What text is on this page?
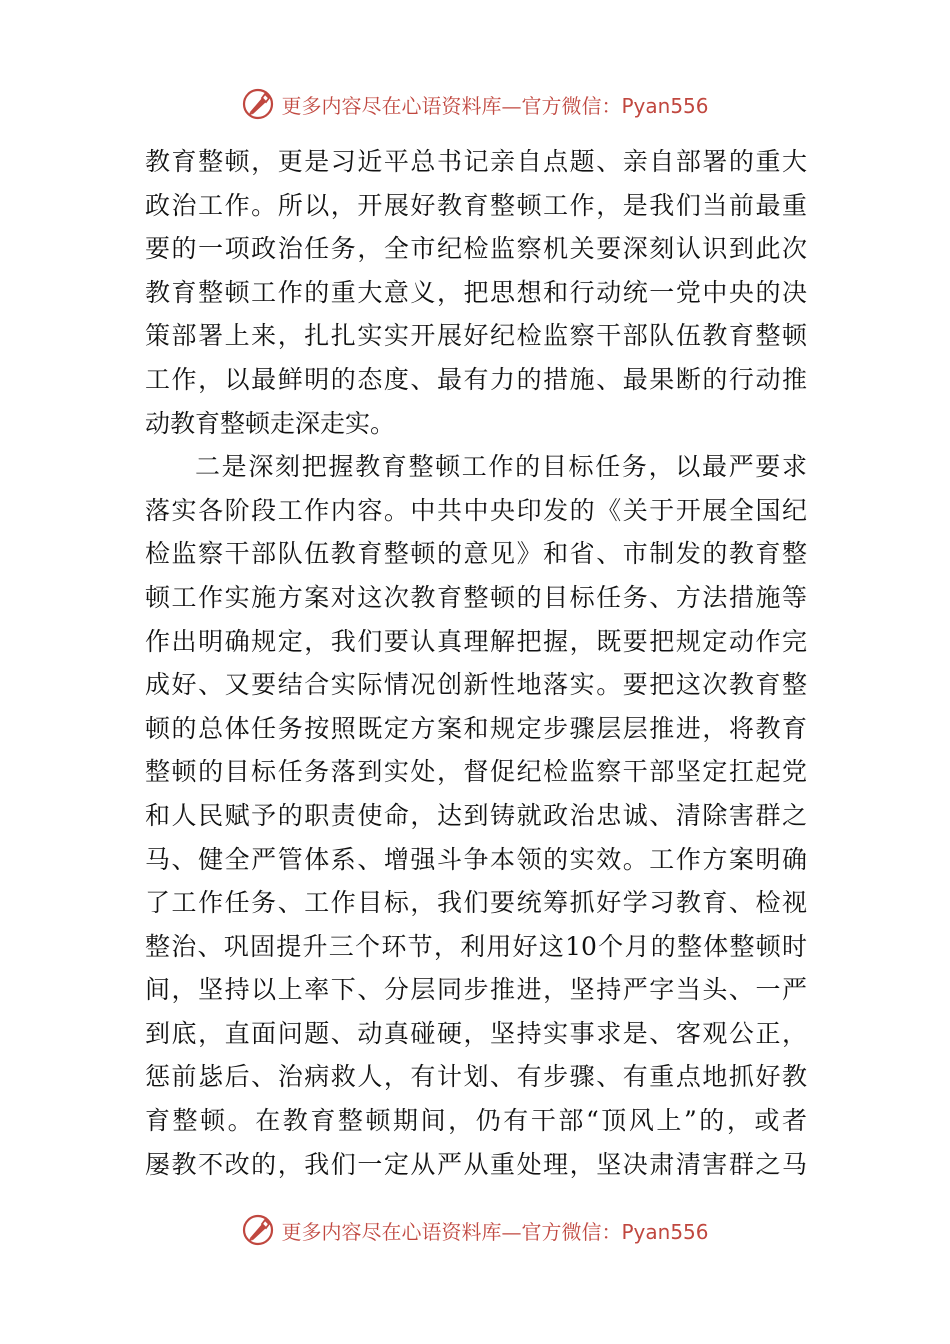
更多内容尽在心语资料库—官方微信：Pyan556
教育整顿，更是习近平总书记亲自点题、亲自部署的重大
政治工作。所以，开展好教育整顿工作，是我们当前最重
要的一项政治任务，全市纪检监察机关要深刻认识到此次
教育整顿工作的重大意义，把思想和行动统一党中央的决
策部署上来，扎扎实实开展好纪检监察干部队伍教育整顿
工作，以最鲜明的态度、最有力的措施、最果断的行动推
动教育整顿走深走实。
二是深刻把握教育整顿工作的目标任务，以最严要求
落实各阶段工作内容。中共中央印发的《关于开展全国纪
检监察干部队伍教育整顿的意见》和省、市制发的教育整
顿工作实施方案对这次教育整顿的目标任务、方法措施等
作出明确规定，我们要认真理解把握，既要把规定动作完
成好、又要结合实际情况创新性地落实。要把这次教育整
顿的总体任务按照既定方案和规定步骤层层推进，将教育
整顿的目标任务落到实处，督促纪检监察干部坚定扛起党
和人民赋予的职责使命，达到铸就政治忠诚、清除害群之
马、健全严管体系、增强斗争本领的实效。工作方案明确
了工作任务、工作目标，我们要统筹抓好学习教育、检视
整治、巩固提升三个环节，利用好这10个月的整体整顿时
间，坚持以上率下、分层同步推进，坚持严字当头、一严
到底，直面问题、动真碰硬，坚持实事求是、客观公正，
惩前毖后、治病救人，有计划、有步骤、有重点地抓好教
育整顿。在教育整顿期间，仍有干部“顶风上”的，或者
屡教不改的，我们一定从严从重处理，坚决肃清害群之马
更多内容尽在心语资料库—官方微信：Pyan556
